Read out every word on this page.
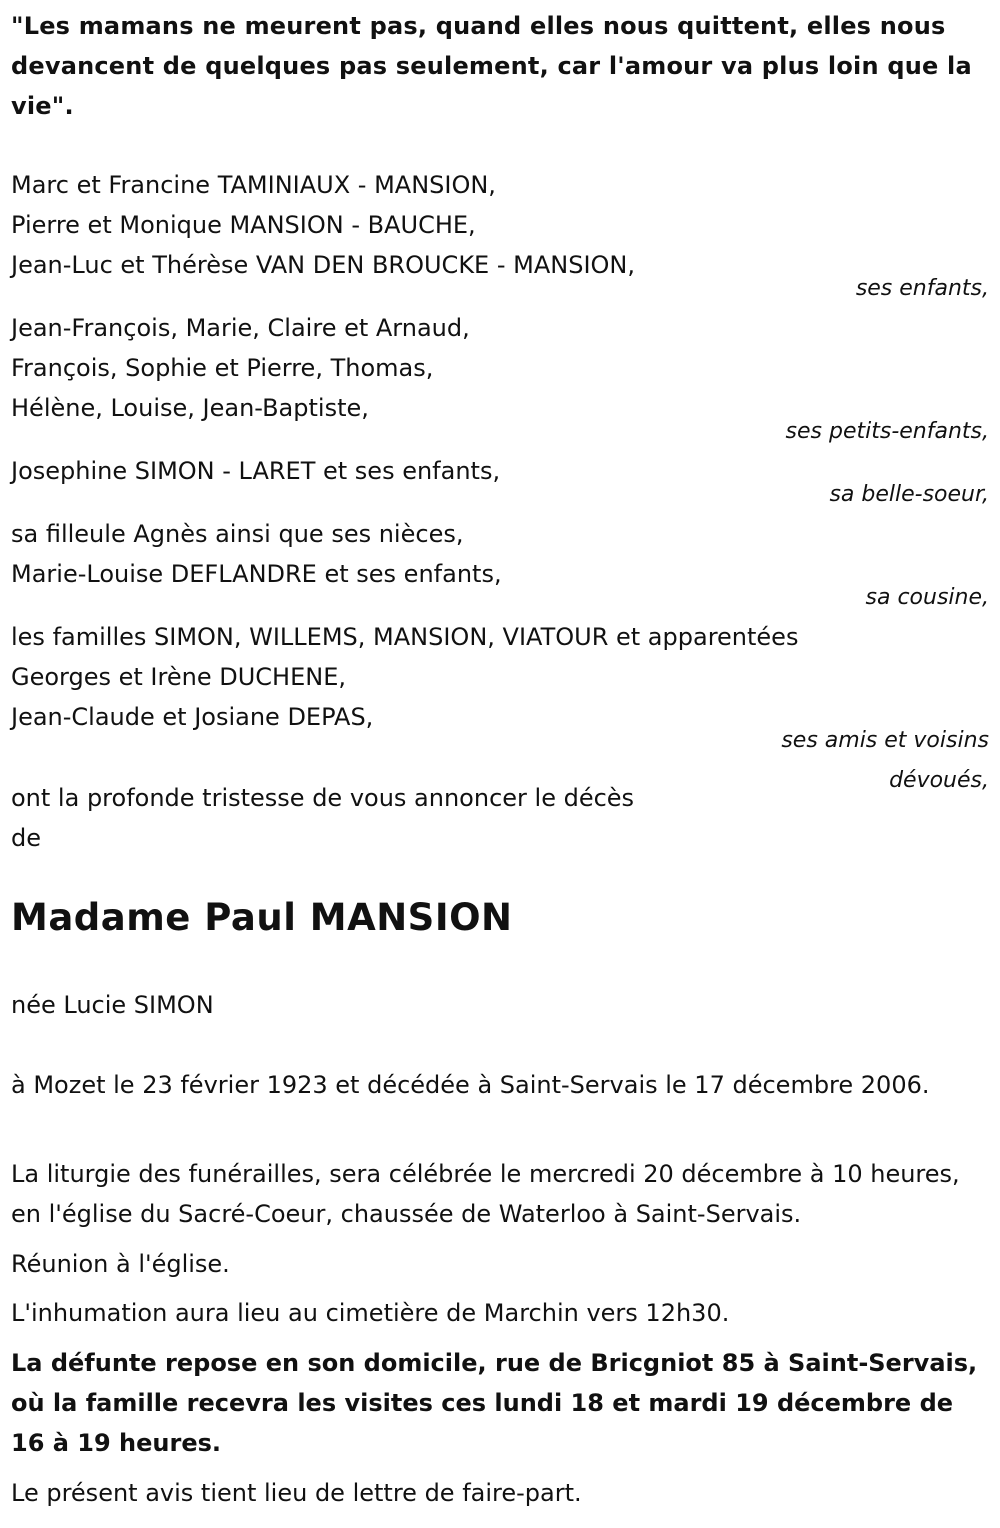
"Les mamans ne meurent pas, quand elles nous quittent, elles nous devancent de quelques pas seulement, car l'amour va plus loin que la vie".

Marc et Francine TAMINIAUX - MANSION,
Pierre et Monique MANSION - BAUCHE,
Jean-Luc et Thérèse VAN DEN BROUCKE - MANSION,
ses enfants,
Jean-François, Marie, Claire et Arnaud,
François, Sophie et Pierre, Thomas,
Hélène, Louise, Jean-Baptiste,
ses petits-enfants,
Josephine SIMON - LARET et ses enfants,
sa belle-soeur,
sa filleule Agnès ainsi que ses nièces,
Marie-Louise DEFLANDRE et ses enfants,
sa cousine,
les familles SIMON, WILLEMS, MANSION, VIATOUR et apparentées
Georges et Irène DUCHENE,
Jean-Claude et Josiane DEPAS,
ses amis et voisins
dévoués,
ont la profonde tristesse de vous annoncer le décès
de
Madame Paul MANSION

née Lucie SIMON

à Mozet le 23 février 1923 et décédée à Saint-Servais le 17 décembre 2006.

La liturgie des funérailles, sera célébrée le mercredi 20 décembre à 10 heures, en l'église du Sacré-Coeur, chaussée de Waterloo à Saint-Servais.

Réunion à l'église.

L'inhumation aura lieu au cimetière de Marchin vers 12h30.

La défunte repose en son domicile, rue de Bricgniot 85 à Saint-Servais, où la famille recevra les visites ces lundi 18 et mardi 19 décembre de 16 à 19 heures.

Le présent avis tient lieu de lettre de faire-part.
